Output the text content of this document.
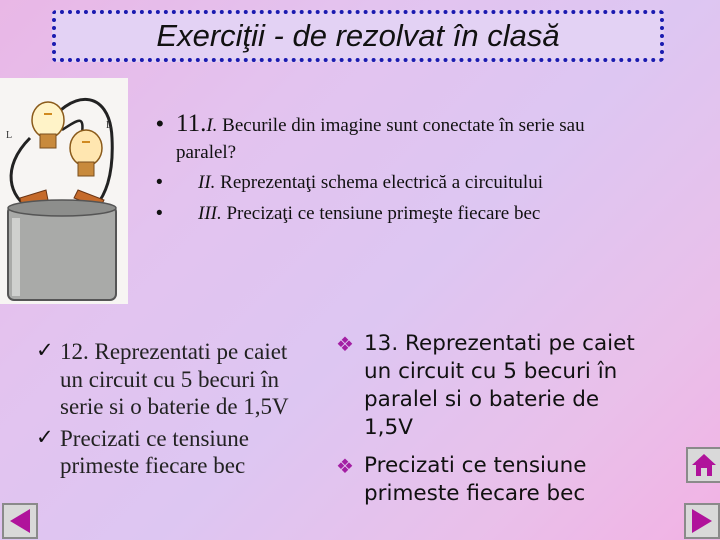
Exerciţii - de rezolvat în clasă
L
L • 11.I. Becurile din imagine sunt conectate în serie sau
paralel?
• II. Reprezentaţi schema electrică a circuitului
• III. Precizaţi ce tensiune primeşte fiecare bec
✓ 12. Reprezentati pe caiet un circuit cu 5 becuri în serie si o baterie de 1,5V
✓ Precizati ce tensiune primeste fiecare bec
❖ 13. Reprezentati pe caiet un circuit cu 5 becuri în paralel si o baterie de 1,5V
❖ Precizati ce tensiune primeste fiecare bec
